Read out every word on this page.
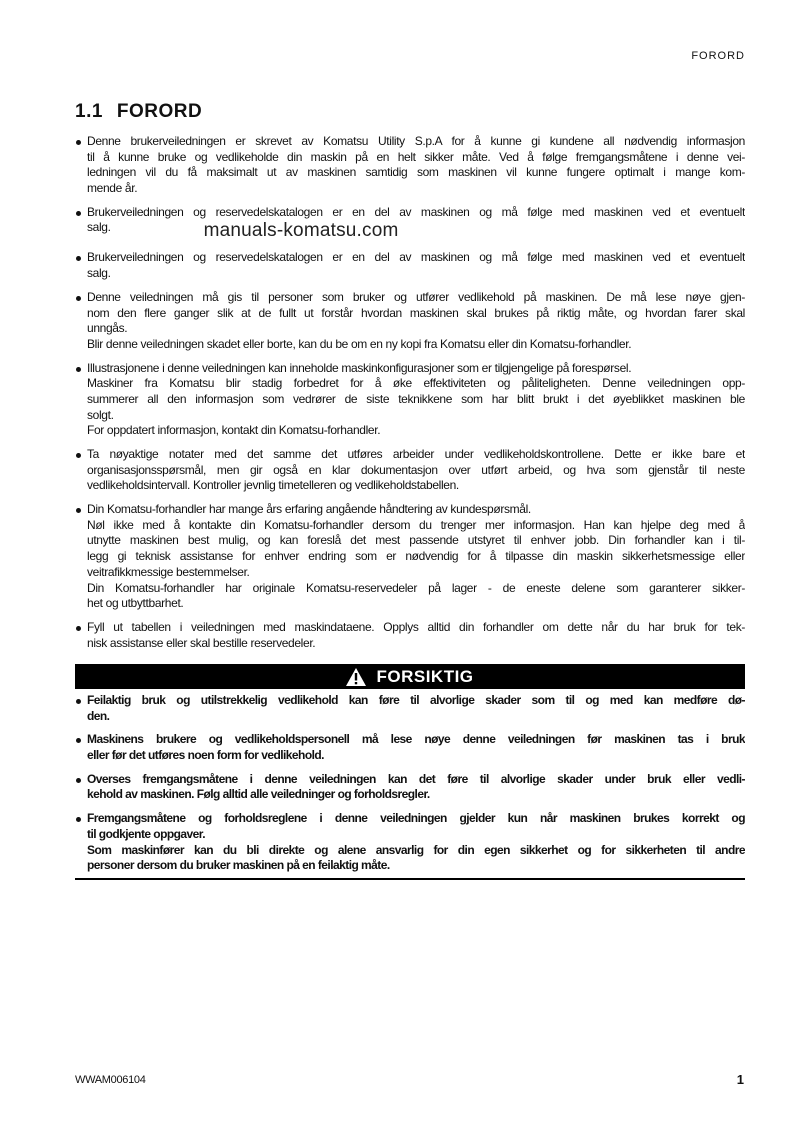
FORORD
1.1 FORORD
Denne brukerveiledningen er skrevet av Komatsu Utility S.p.A for å kunne gi kundene all nødvendig informasjon
til å kunne bruke og vedlikeholde din maskin på en helt sikker måte. Ved å følge fremgangsmåtene i denne vei-
ledningen vil du få maksimalt ut av maskinen samtidig som maskinen vil kunne fungere optimalt i mange kom-
mende år.
Brukerveiledningen og reservedelskatalogen er en del av maskinen og må følge med maskinen ved et eventuelt
salg.	manuals-komatsu.com
Brukerveiledningen og reservedelskatalogen er en del av maskinen og må følge med maskinen ved et eventuelt
salg.
Denne veiledningen må gis til personer som bruker og utfører vedlikehold på maskinen. De må lese nøye gjen-
nom den flere ganger slik at de fullt ut forstår hvordan maskinen skal brukes på riktig måte, og hvordan farer skal
unngås.
Blir denne veiledningen skadet eller borte, kan du be om en ny kopi fra Komatsu eller din Komatsu-forhandler.
Illustrasjonene i denne veiledningen kan inneholde maskinkonfigurasjoner som er tilgjengelige på forespørsel.
Maskiner fra Komatsu blir stadig forbedret for å øke effektiviteten og påliteligheten. Denne veiledningen opp-
summerer all den informasjon som vedrører de siste teknikkene som har blitt brukt i det øyeblikket maskinen ble
solgt.
For oppdatert informasjon, kontakt din Komatsu-forhandler.
Ta nøyaktige notater med det samme det utføres arbeider under vedlikeholdskontrollene. Dette er ikke bare et
organisasjonsspørsmål, men gir også en klar dokumentasjon over utført arbeid, og hva som gjenstår til neste
vedlikeholdsintervall. Kontroller jevnlig timetelleren og vedlikeholdstabellen.
Din Komatsu-forhandler har mange års erfaring angående håndtering av kundespørsmål.
Nøl ikke med å kontakte din Komatsu-forhandler dersom du trenger mer informasjon. Han kan hjelpe deg med å
utnytte maskinen best mulig, og kan foreslå det mest passende utstyret til enhver jobb. Din forhandler kan i til-
legg gi teknisk assistanse for enhver endring som er nødvendig for å tilpasse din maskin sikkerhetsmessige eller
veitrafikkmessige bestemmelser.
Din Komatsu-forhandler har originale Komatsu-reservedeler på lager - de eneste delene som garanterer sikker-
het og utbyttbarhet.
Fyll ut tabellen i veiledningen med maskindataene. Opplys alltid din forhandler om dette når du har bruk for tek-
nisk assistanse eller skal bestille reservedeler.
FORSIKTIG
Feilaktig bruk og utilstrekkelig vedlikehold kan føre til alvorlige skader som til og med kan medføre dø-
den.
Maskinens brukere og vedlikeholdspersonell må lese nøye denne veiledningen før maskinen tas i bruk
eller før det utføres noen form for vedlikehold.
Overses fremgangsmåtene i denne veiledningen kan det føre til alvorlige skader under bruk eller vedli-
kehold av maskinen. Følg alltid alle veiledninger og forholdsregler.
Fremgangsmåtene og forholdsreglene i denne veiledningen gjelder kun når maskinen brukes korrekt og
til godkjente oppgaver.
Som maskinfører kan du bli direkte og alene ansvarlig for din egen sikkerhet og for sikkerheten til andre
personer dersom du bruker maskinen på en feilaktig måte.
WWAM006104	1
